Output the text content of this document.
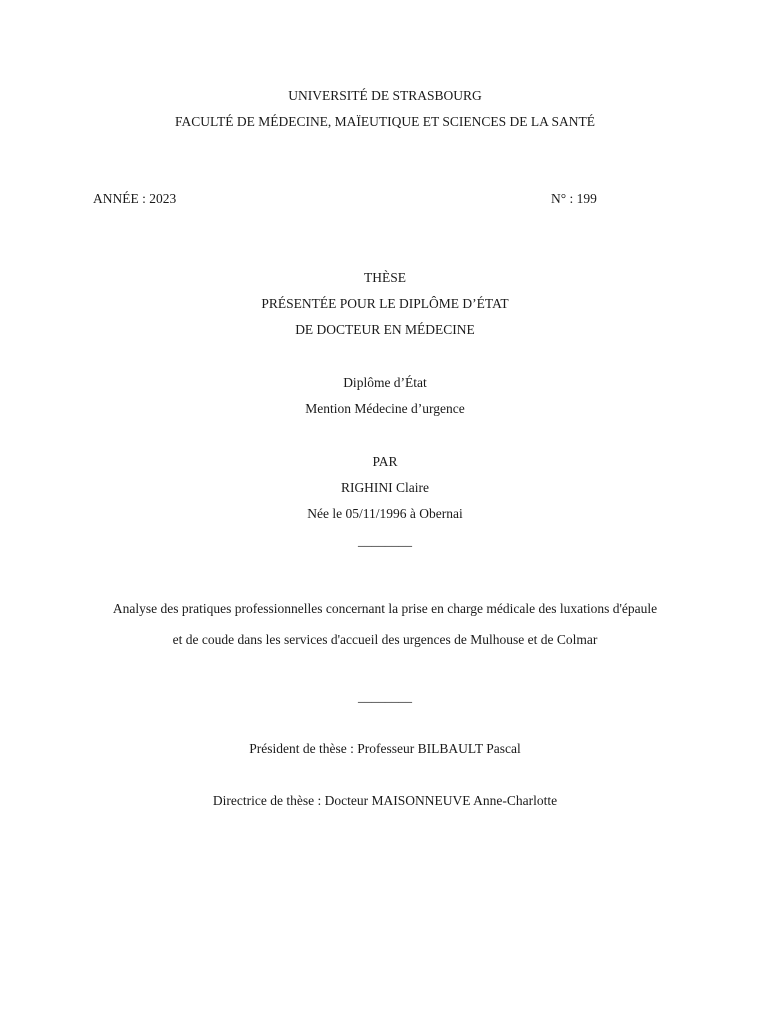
UNIVERSITÉ DE STRASBOURG
FACULTÉ DE MÉDECINE, MAÏEUTIQUE ET SCIENCES DE LA SANTÉ
ANNÉE : 2023	N° : 199
THÈSE
PRÉSENTÉE POUR LE DIPLÔME D’ÉTAT
DE DOCTEUR EN MÉDECINE
Diplôme d’État
Mention Médecine d’urgence
PAR
RIGHINI Claire
Née le 05/11/1996 à Obernai
________
Analyse des pratiques professionnelles concernant la prise en charge médicale des luxations d'épaule
et de coude dans les services d'accueil des urgences de Mulhouse et de Colmar
________
Président de thèse : Professeur BILBAULT Pascal
Directrice de thèse : Docteur MAISONNEUVE Anne-Charlotte
